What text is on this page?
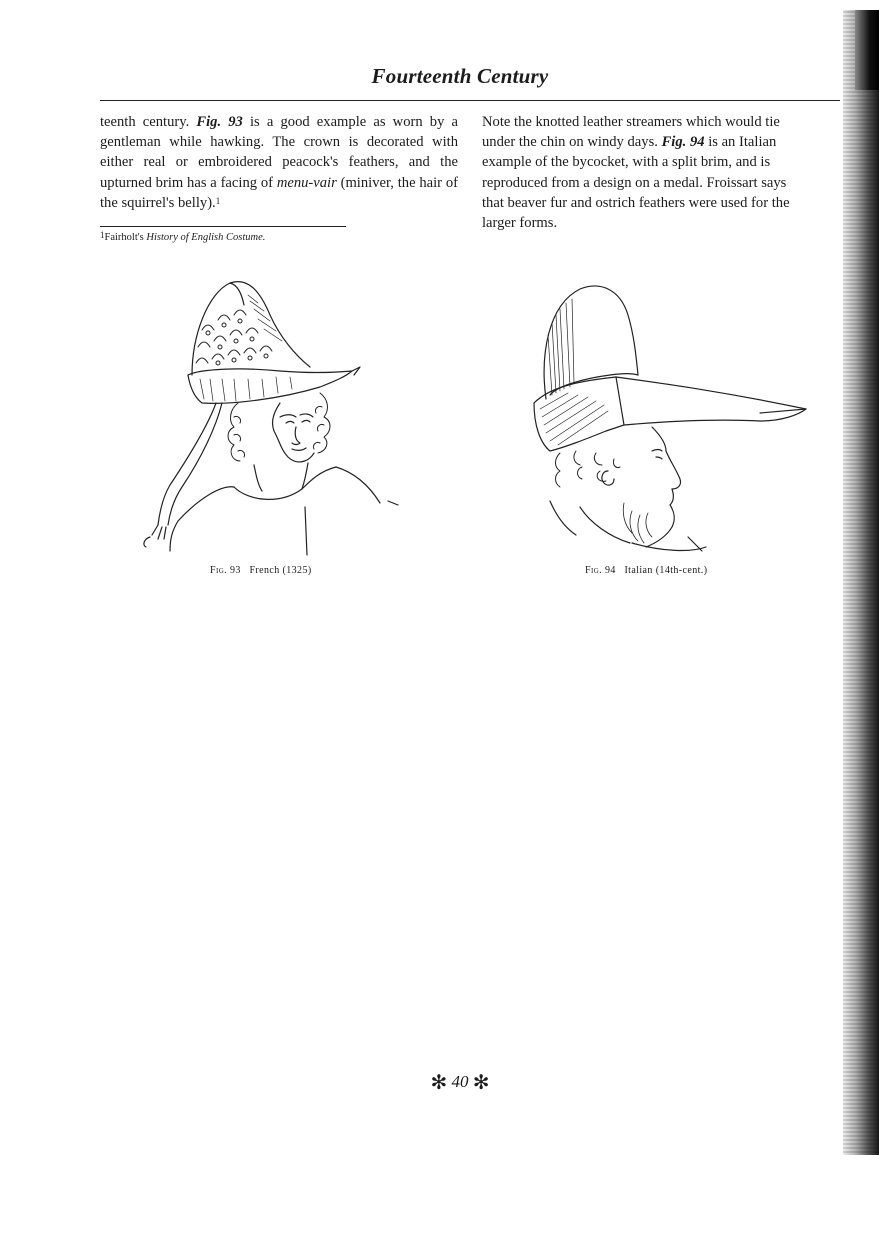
Fourteenth Century
teenth century. Fig. 93 is a good example as worn by a gentleman while hawking. The crown is decorated with either real or embroidered peacock's feathers, and the upturned brim has a facing of menu-vair (miniver, the hair of the squirrel's belly).$^1$
Note the knotted leather streamers which would tie
under the chin on windy days. Fig. 94 is an Italian
example of the bycocket, with a split brim, and is
reproduced from a design on a medal. Froissart says
that beaver fur and ostrich feathers were used for the
larger forms.
$^1$Fairholt's History of English Costume.
Fig. 93 French (1325)	Fig. 94 Italian (14th-cent.)
✻ 40 ✻
